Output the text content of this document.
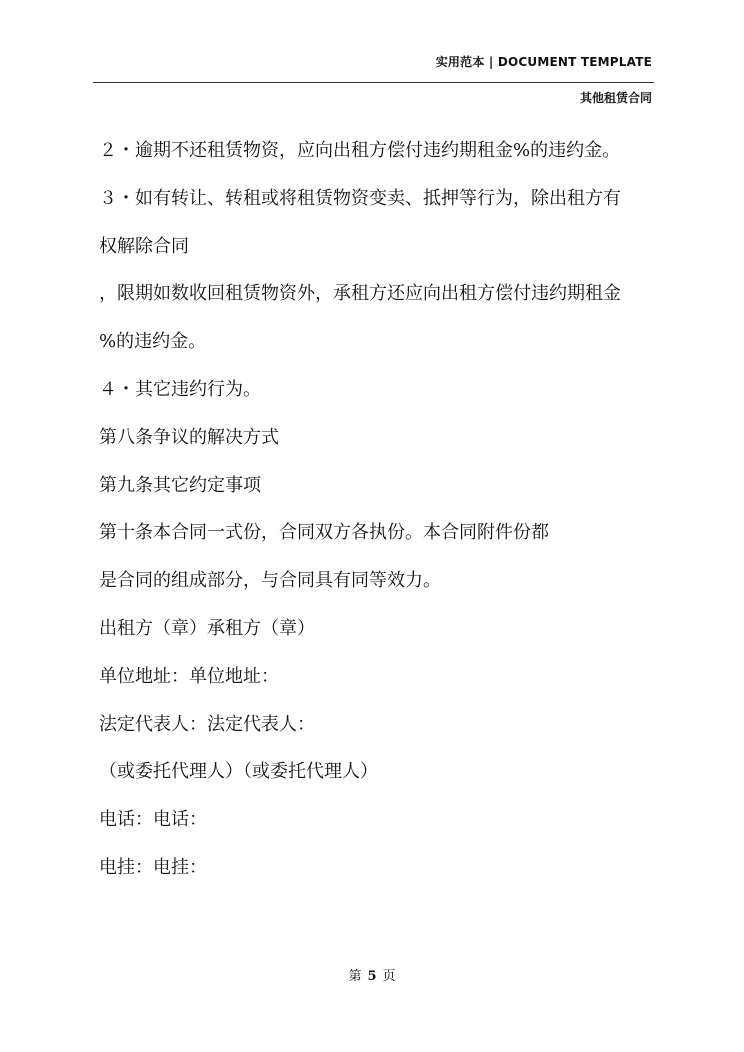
实用范本 | DOCUMENT TEMPLATE
其他租赁合同

２・逾期不还租赁物资，应向出租方偿付违约期租金%的违约金。

３・如有转让、转租或将租赁物资变卖、抵押等行为，除出租方有

权解除合同

，限期如数收回租赁物资外，承租方还应向出租方偿付违约期租金

%的违约金。

４・其它违约行为。

第八条争议的解决方式

第九条其它约定事项

第十条本合同一式份，合同双方各执份。本合同附件份都

是合同的组成部分，与合同具有同等效力。

出租方（章）承租方（章）

单位地址：单位地址：

法定代表人：法定代表人：

（或委托代理人）（或委托代理人）

电话：电话：

电挂：电挂：

第 5 页
